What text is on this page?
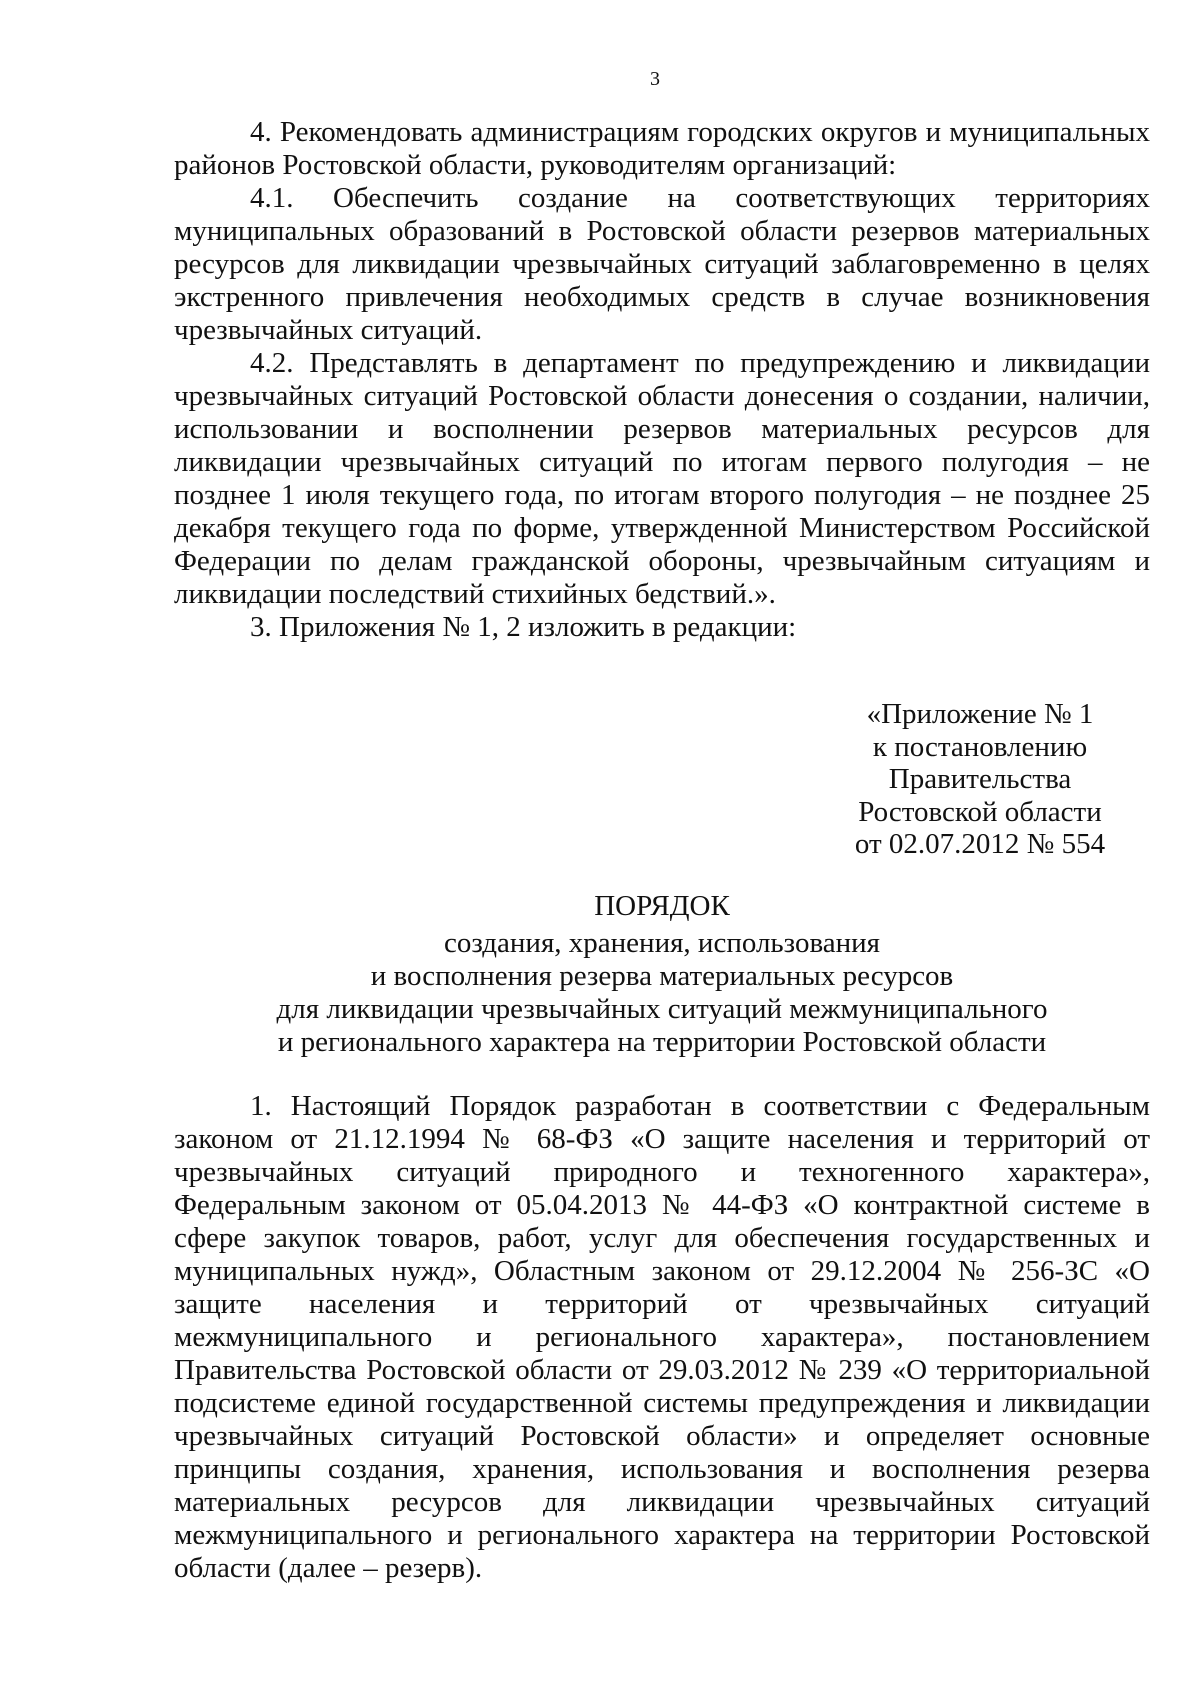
3

4. Рекомендовать администрациям городских округов и муниципальных районов Ростовской области, руководителям организаций:

4.1. Обеспечить создание на соответствующих территориях муниципальных образований в Ростовской области резервов материальных ресурсов для ликвидации чрезвычайных ситуаций заблаговременно в целях экстренного привлечения необходимых средств в случае возникновения чрезвычайных ситуаций.

4.2. Представлять в департамент по предупреждению и ликвидации чрезвычайных ситуаций Ростовской области донесения о создании, наличии, использовании и восполнении резервов материальных ресурсов для ликвидации чрезвычайных ситуаций по итогам первого полугодия – не позднее 1 июля текущего года, по итогам второго полугодия – не позднее 25 декабря текущего года по форме, утвержденной Министерством Российской Федерации по делам гражданской обороны, чрезвычайным ситуациям и ликвидации последствий стихийных бедствий.».

3. Приложения № 1, 2 изложить в редакции:

«Приложение № 1
к постановлению
Правительства
Ростовской области
от 02.07.2012 № 554
ПОРЯДОК
создания, хранения, использования
и восполнения резерва материальных ресурсов
для ликвидации чрезвычайных ситуаций межмуниципального
и регионального характера на территории Ростовской области

1. Настоящий Порядок разработан в соответствии с Федеральным законом от 21.12.1994 № 68-ФЗ «О защите населения и территорий от чрезвычайных ситуаций природного и техногенного характера», Федеральным законом от 05.04.2013 № 44-ФЗ «О контрактной системе в сфере закупок товаров, работ, услуг для обеспечения государственных и муниципальных нужд», Областным законом от 29.12.2004 № 256-ЗС «О защите населения и территорий от чрезвычайных ситуаций межмуниципального и регионального характера», постановлением Правительства Ростовской области от 29.03.2012 № 239 «О территориальной подсистеме единой государственной системы предупреждения и ликвидации чрезвычайных ситуаций Ростовской области» и определяет основные принципы создания, хранения, использования и восполнения резерва материальных ресурсов для ликвидации чрезвычайных ситуаций межмуниципального и регионального характера на территории Ростовской области (далее – резерв).
